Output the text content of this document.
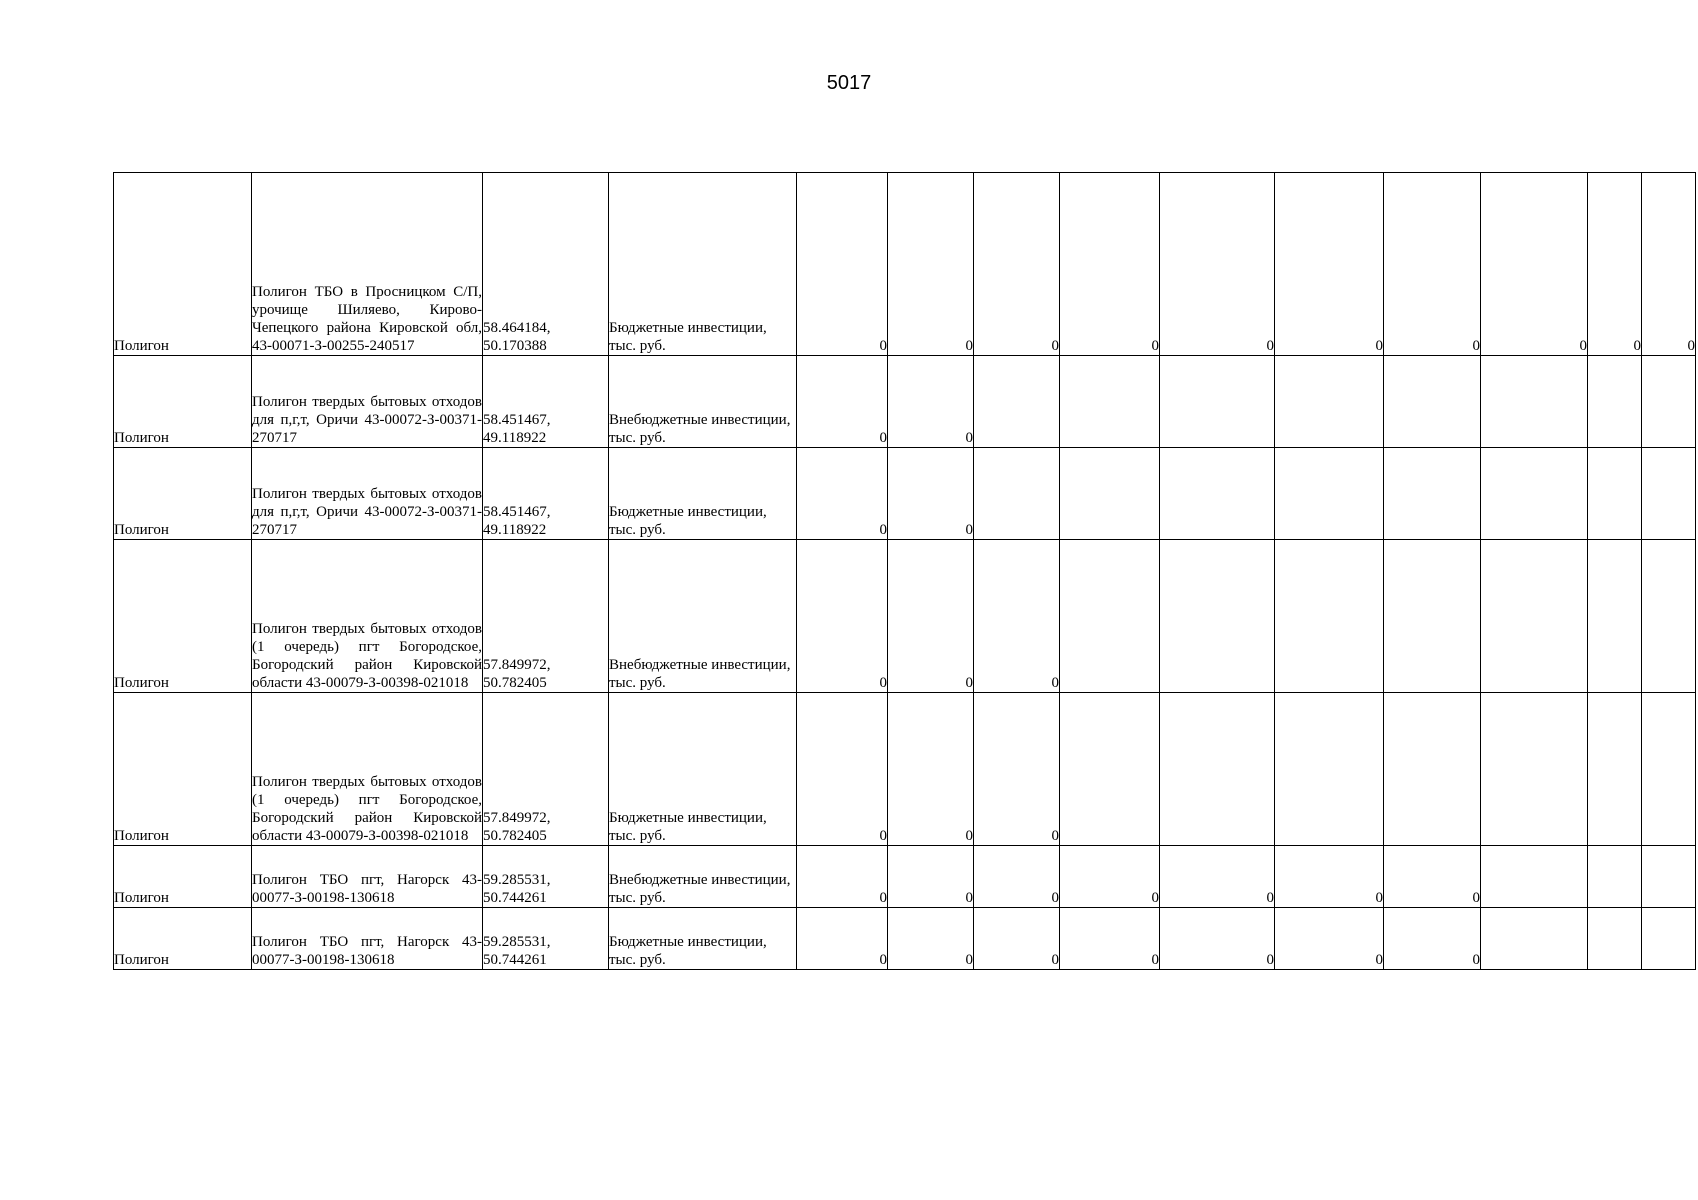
5017
Полигон	Полигон ТБО в Просницком С/П, урочище Шиляево, Кирово-Чепецкого района Кировской обл, 43-00071-З-00255-240517	58.464184, 50.170388	Бюджетные инвестиции, тыс. руб.	0	0	0	0	0	0	0	0	0	0
Полигон	Полигон твердых бытовых отходов для п,г,т, Оричи 43-00072-З-00371-270717	58.451467, 49.118922	Внебюджетные инвестиции, тыс. руб.	0	0								
Полигон	Полигон твердых бытовых отходов для п,г,т, Оричи 43-00072-З-00371-270717	58.451467, 49.118922	Бюджетные инвестиции, тыс. руб.	0	0								
Полигон	Полигон твердых бытовых отходов (1 очередь) пгт Богородское, Богородский район Кировской области 43-00079-З-00398-021018	57.849972, 50.782405	Внебюджетные инвестиции, тыс. руб.	0	0	0							
Полигон	Полигон твердых бытовых отходов (1 очередь) пгт Богородское, Богородский район Кировской области 43-00079-З-00398-021018	57.849972, 50.782405	Бюджетные инвестиции, тыс. руб.	0	0	0							
Полигон	Полигон ТБО пгт, Нагорск 43-00077-З-00198-130618	59.285531, 50.744261	Внебюджетные инвестиции, тыс. руб.	0	0	0	0	0	0	0			
Полигон	Полигон ТБО пгт, Нагорск 43-00077-З-00198-130618	59.285531, 50.744261	Бюджетные инвестиции, тыс. руб.	0	0	0	0	0	0	0			
